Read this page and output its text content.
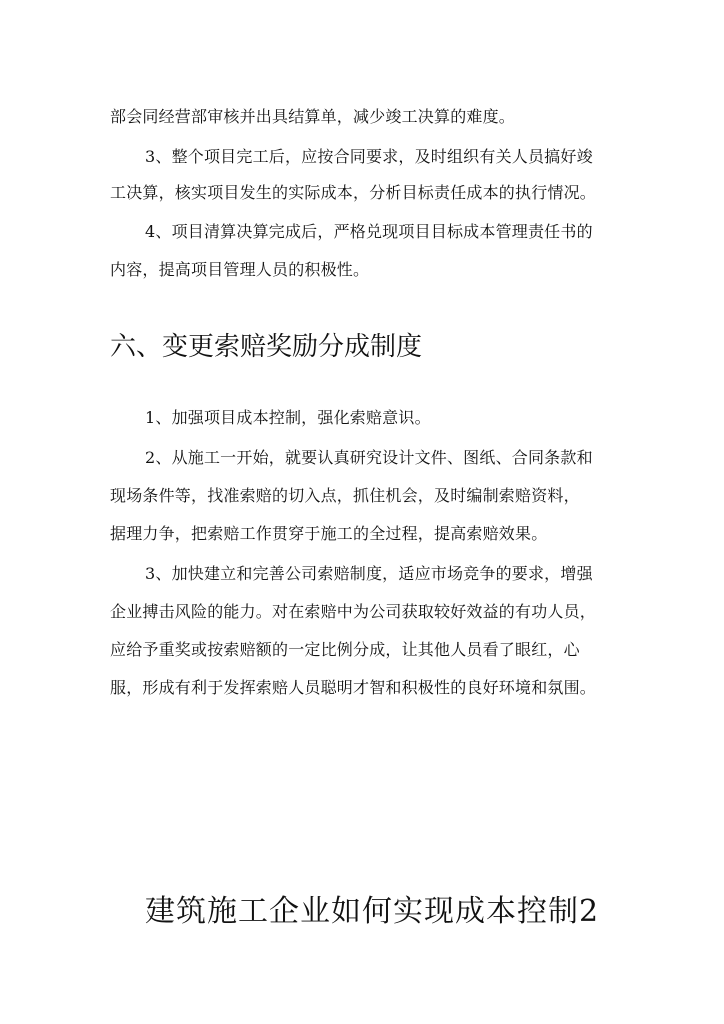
部会同经营部审核并出具结算单，减少竣工决算的难度。
3、整个项目完工后，应按合同要求，及时组织有关人员搞好竣
工决算，核实项目发生的实际成本，分析目标责任成本的执行情况。
4、项目清算决算完成后，严格兑现项目目标成本管理责任书的
内容，提高项目管理人员的积极性。
六、变更索赔奖励分成制度
1、加强项目成本控制，强化索赔意识。
2、从施工一开始，就要认真研究设计文件、图纸、合同条款和
现场条件等，找准索赔的切入点，抓住机会，及时编制索赔资料，
据理力争，把索赔工作贯穿于施工的全过程，提高索赔效果。
3、加快建立和完善公司索赔制度，适应市场竞争的要求，增强
企业搏击风险的能力。对在索赔中为公司获取较好效益的有功人员，
应给予重奖或按索赔额的一定比例分成，让其他人员看了眼红，心
服，形成有利于发挥索赔人员聪明才智和积极性的良好环境和氛围。
建筑施工企业如何实现成本控制2
